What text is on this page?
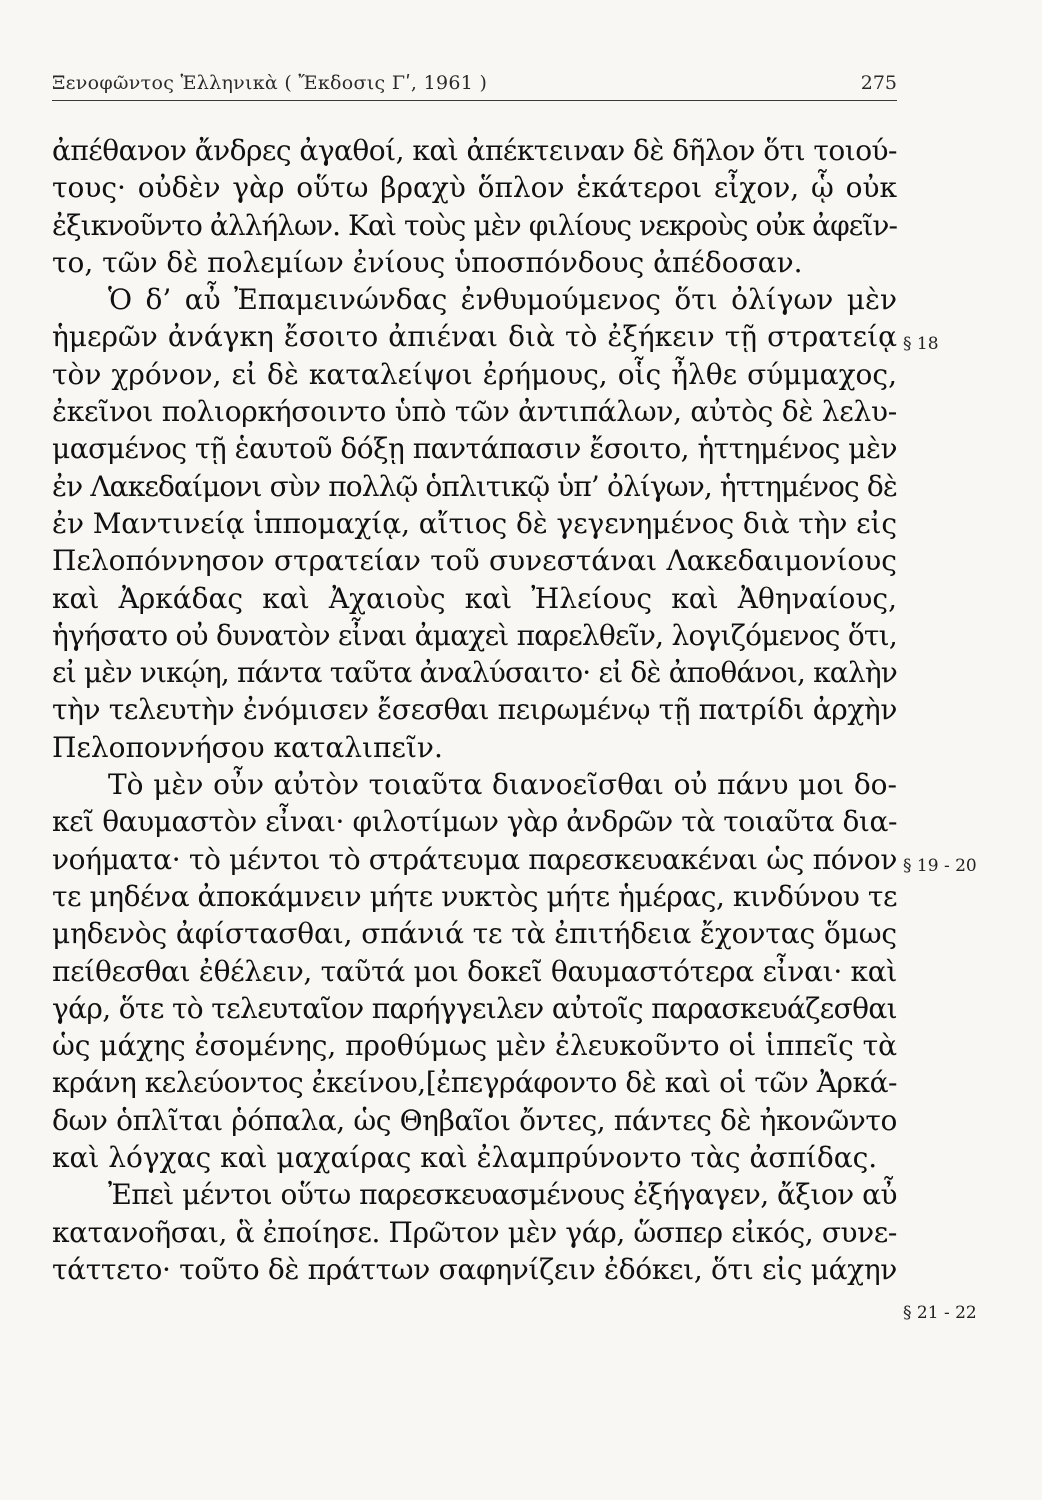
Ξενοφῶντος Ἑλληνικὰ ( Ἔκδοσις Γʹ, 1961 )	275
ἀπέθανον ἄνδρες ἀγαθοί, καὶ ἀπέκτειναν δὲ δῆλον ὅτι τοιού-
τους· οὐδὲν γὰρ οὕτω βραχὺ ὅπλον ἑκάτεροι εἶχον, ᾧ οὐκ
ἐξικνοῦντο ἀλλήλων. Καὶ τοὺς μὲν φιλίους νεκροὺς οὐκ ἀφεῖν-
το, τῶν δὲ πολεμίων ἐνίους ὑποσπόνδους ἀπέδοσαν.
Ὁ δ’ αὖ Ἐπαμεινώνδας ἐνθυμούμενος ὅτι ὀλίγων μὲν
ἡμερῶν ἀνάγκη ἔσοιτο ἀπιέναι διὰ τὸ ἐξήκειν τῇ στρατείᾳ
τὸν χρόνον, εἰ δὲ καταλείψοι ἐρήμους, οἷς ἦλθε σύμμαχος,
ἐκεῖνοι πολιορκήσοιντο ὑπὸ τῶν ἀντιπάλων, αὐτὸς δὲ λελυ-
μασμένος τῇ ἑαυτοῦ δόξῃ παντάπασιν ἔσοιτο, ἡττημένος μὲν
ἐν Λακεδαίμονι σὺν πολλῷ ὁπλιτικῷ ὑπ’ ὀλίγων, ἡττημένος δὲ
ἐν Μαντινείᾳ ἱππομαχίᾳ, αἴτιος δὲ γεγενημένος διὰ τὴν εἰς
Πελοπόννησον στρατείαν τοῦ συνεστάναι Λακεδαιμονίους
καὶ Ἀρκάδας καὶ Ἀχαιοὺς καὶ Ἠλείους καὶ Ἀθηναίους,
ἡγήσατο οὐ δυνατὸν εἶναι ἀμαχεὶ παρελθεῖν, λογιζόμενος ὅτι,
εἰ μὲν νικῴη, πάντα ταῦτα ἀναλύσαιτο· εἰ δὲ ἀποθάνοι, καλὴν
τὴν τελευτὴν ἐνόμισεν ἔσεσθαι πειρωμένῳ τῇ πατρίδι ἀρχὴν
Πελοποννήσου καταλιπεῖν.
Τὸ μὲν οὖν αὐτὸν τοιαῦτα διανοεῖσθαι οὐ πάνυ μοι δο-
κεῖ θαυμαστὸν εἶναι· φιλοτίμων γὰρ ἀνδρῶν τὰ τοιαῦτα δια-
νοήματα· τὸ μέντοι τὸ στράτευμα παρεσκευακέναι ὡς πόνον
τε μηδένα ἀποκάμνειν μήτε νυκτὸς μήτε ἡμέρας, κινδύνου τε
μηδενὸς ἀφίστασθαι, σπάνιά τε τὰ ἐπιτήδεια ἔχοντας ὅμως
πείθεσθαι ἐθέλειν, ταῦτά μοι δοκεῖ θαυμαστότερα εἶναι· καὶ
γάρ, ὅτε τὸ τελευταῖον παρήγγειλεν αὐτοῖς παρασκευάζεσθαι
ὡς μάχης ἐσομένης, προθύμως μὲν ἐλευκοῦντο οἱ ἱππεῖς τὰ
κράνη κελεύοντος ἐκείνου,[ἐπεγράφοντο δὲ καὶ οἱ τῶν Ἀρκά-
δων ὁπλῖται ῥόπαλα, ὡς Θηβαῖοι ὄντες, πάντες δὲ ἠκονῶντο
καὶ λόγχας καὶ μαχαίρας καὶ ἐλαμπρύνοντο τὰς ἀσπίδας.
Ἐπεὶ μέντοι οὕτω παρεσκευασμένους ἐξήγαγεν, ἄξιον αὖ
κατανοῆσαι, ἃ ἐποίησε. Πρῶτον μὲν γάρ, ὥσπερ εἰκός, συνε-
τάττετο· τοῦτο δὲ πράττων σαφηνίζειν ἐδόκει, ὅτι εἰς μάχην
§ 18
§ 19 - 20
§ 21 - 22
